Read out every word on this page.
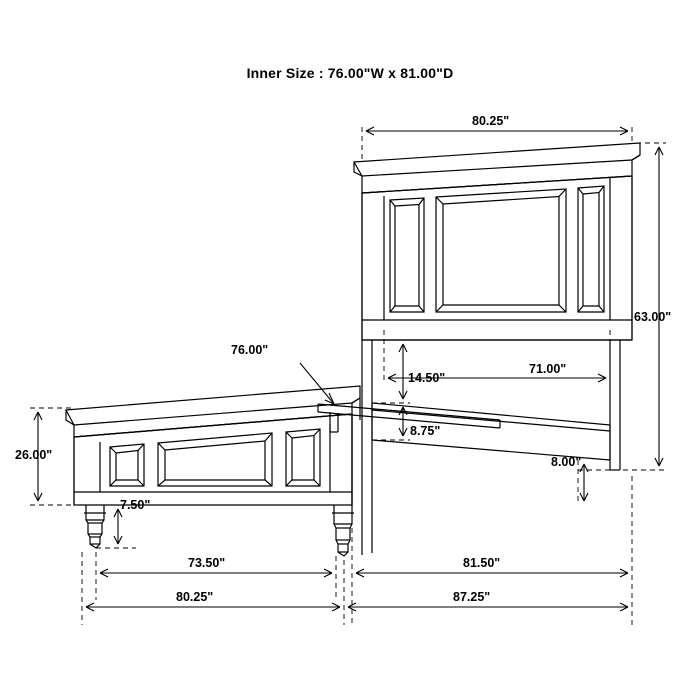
Inner Size : 76.00"W x 81.00"D
80.25"
63.00"
71.00"
14.50"
8.75"
76.00"
26.00"
7.50"
8.00"
73.50"	81.50"
80.25"	87.25"
